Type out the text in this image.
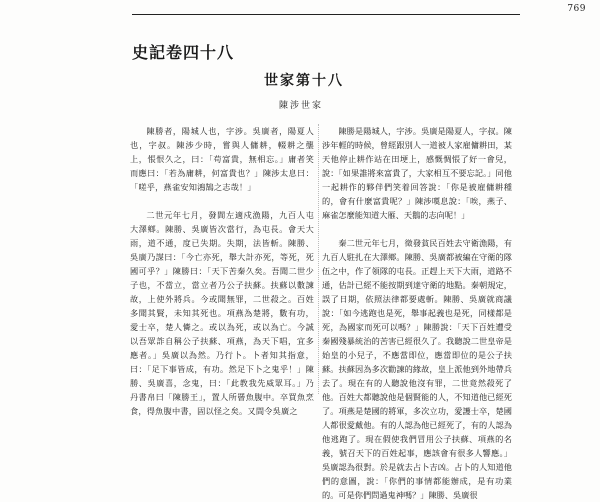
769
史記卷四十八
世家第十八
陳涉世家

陳勝者，陽城人也，字涉。吳廣者，陽夏人也，字叔。陳涉少時，嘗與人傭耕，輟耕之壟上，悵恨久之，曰：「苟富貴，無相忘。」庸者笑而應曰：「若為庸耕，何富貴也？」陳涉太息曰：「嗟乎，燕雀安知鴻鵠之志哉！」

二世元年七月，發閭左適戍漁陽，九百人屯大澤鄉。陳勝、吳廣皆次當行，為屯長。會天大雨，道不通，度已失期。失期，法皆斬。陳勝、吳廣乃謀曰：「今亡亦死，舉大計亦死，等死，死國可乎？」陳勝曰：「天下苦秦久矣。吾聞二世少子也，不當立，當立者乃公子扶蘇。扶蘇以數諫故，上使外將兵。今或聞無罪，二世殺之。百姓多聞其賢，未知其死也。項燕為楚將，數有功，愛士卒，楚人憐之。或以為死，或以為亡。今誠以吾眾詐自稱公子扶蘇、項燕，為天下唱，宜多應者。」吳廣以為然。乃行卜。卜者知其指意，曰：「足下事皆成，有功。然足下卜之鬼乎！」陳勝、吳廣喜，念鬼，曰：「此教我先威眾耳。」乃丹書帛曰「陳勝王」，置人所罾魚腹中。卒買魚烹食，得魚腹中書，固以怪之矣。又間令吳廣之

陳勝是陽城人，字涉。吳廣是陽夏人，字叔。陳涉年輕的時候，曾經跟別人一道被人家雇傭耕田，某天他停止耕作站在田埂上，感慨惆悵了好一會兒，說：「如果誰將來富貴了，大家相互不要忘記。」同他一起耕作的夥伴們笑着回答說：「你是被雇傭耕種的，會有什麼富貴呢？」陳涉嘆息說：「唉，燕子、麻雀怎麼能知道大雁、天鵝的志向呢！」

秦二世元年七月，徵發貧民百姓去守衛漁陽，有九百人駐扎在大澤鄉。陳勝、吳廣都被編在守衛的隊伍之中，作了領隊的屯長。正趕上天下大雨，道路不通，估計已經不能按期到達守衛的地點。秦朝規定，誤了日期，依照法律都要處斬。陳勝、吳廣就商議說：「如今逃跑也是死，舉事起義也是死，同樣都是死，為國家而死可以嗎？」陳勝說：「天下百姓遭受秦國殘暴統治的苦害已經很久了。我聽說二世皇帝是始皇的小兒子，不應當即位，應當即位的是公子扶蘇。扶蘇因為多次勸諫的緣故，皇上派他到外地帶兵去了。現在有的人聽說他沒有罪，二世竟然殺死了他。百姓大都聽說他是個賢能的人，不知道他已經死了。項燕是楚國的將軍，多次立功，愛護士卒，楚國人都很愛戴他。有的人認為他已經死了，有的人認為他逃跑了。現在假使我們冒用公子扶蘇、項燕的名義，號召天下的百姓起事，應該會有很多人響應。」吳廣認為很對。於是就去占卜吉凶。占卜的人知道他們的意圖，說：「你們的事情都能辦成，是有功業的。可是你們問過鬼神嗎？」陳勝、吳廣很
